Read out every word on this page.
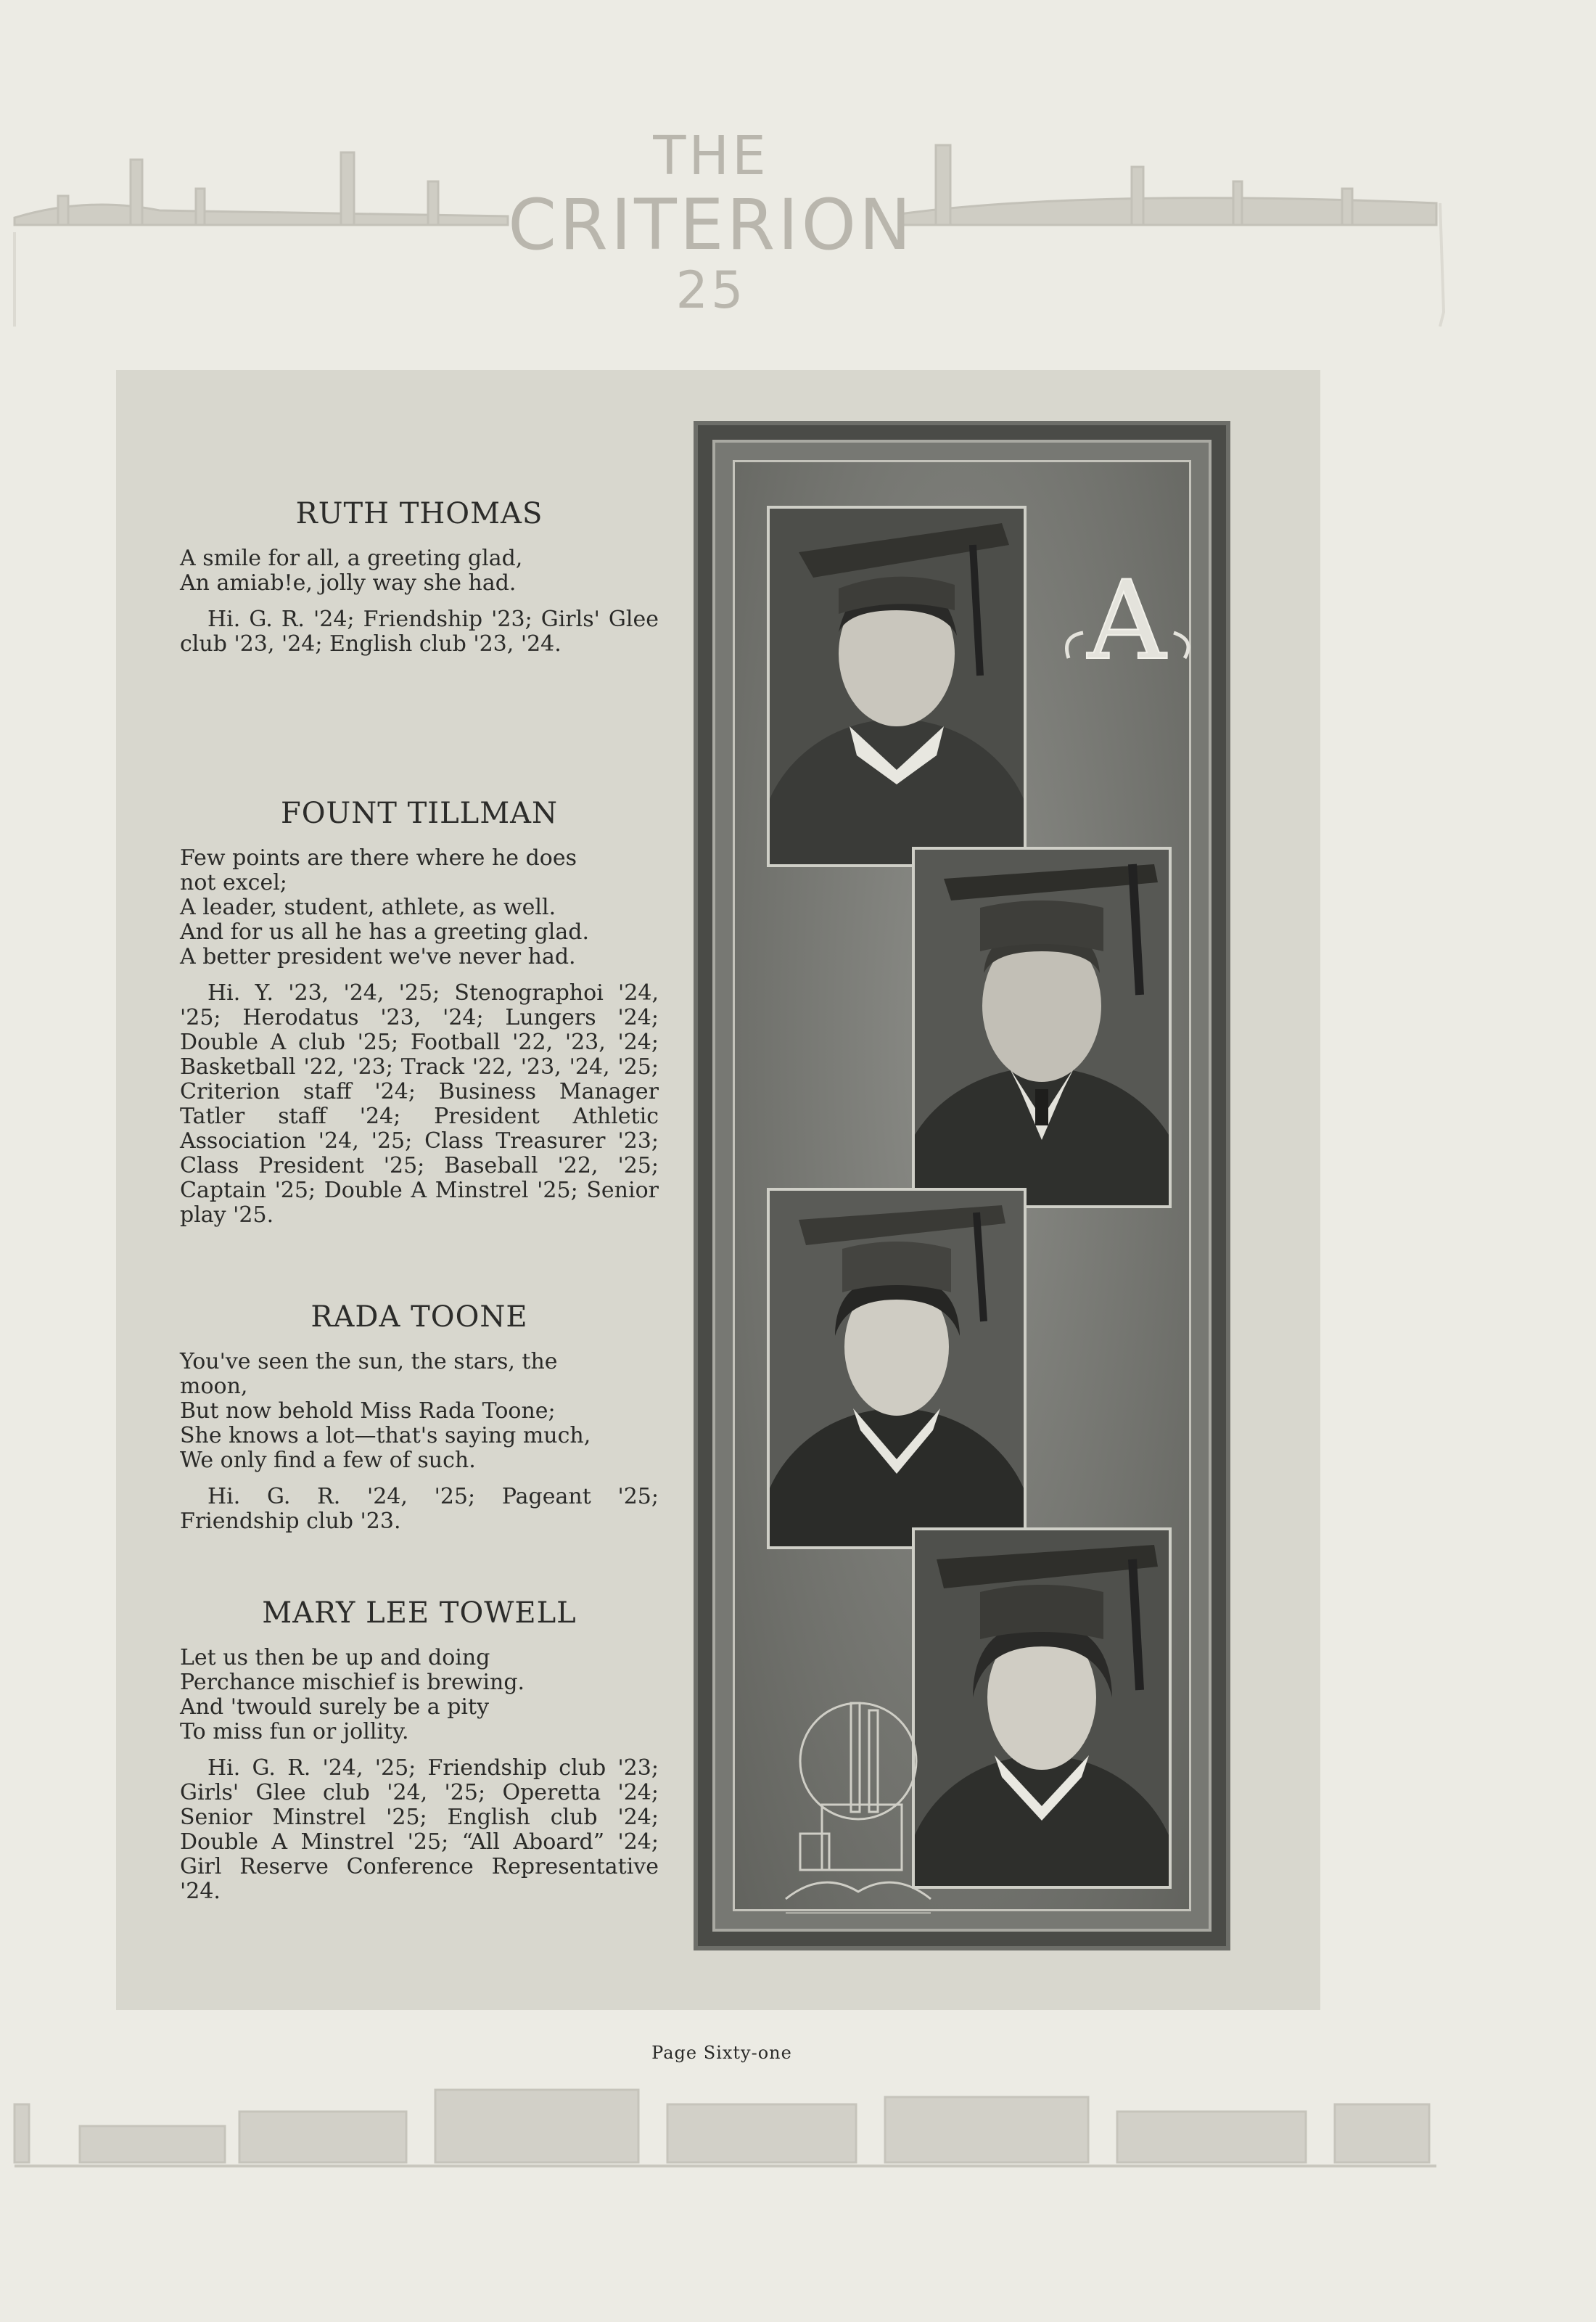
THE
CRITERION
25
RUTH THOMAS

A smile for all, a greeting glad,
An amiab!e, jolly way she had.

Hi. G. R. '24; Friendship '23; Girls' Glee club '23, '24; English club '23, '24.

FOUNT TILLMAN

Few points are there where he does
not excel;
A leader, student, athlete, as well.
And for us all he has a greeting glad.
A better president we've never had.

Hi. Y. '23, '24, '25; Stenographoi '24, '25; Herodatus '23, '24; Lungers '24; Double A club '25; Football '22, '23, '24; Basketball '22, '23; Track '22, '23, '24, '25; Criterion staff '24; Business Manager Tatler staff '24; President Athletic Association '24, '25; Class Treasurer '23; Class President '25; Baseball '22, '25; Captain '25; Double A Minstrel '25; Senior play '25.

RADA TOONE

You've seen the sun, the stars, the
moon,
But now behold Miss Rada Toone;
She knows a lot—that's saying much,
We only find a few of such.

Hi. G. R. '24, '25; Pageant '25; Friendship club '23.

MARY LEE TOWELL

Let us then be up and doing
Perchance mischief is brewing.
And 'twould surely be a pity
To miss fun or jollity.

Hi. G. R. '24, '25; Friendship club '23; Girls' Glee club '24, '25; Operetta '24; Senior Minstrel '25; English club '24; Double A Minstrel '25; “All Aboard” '24; Girl Reserve Conference Representative '24.

A
Page Sixty-one
